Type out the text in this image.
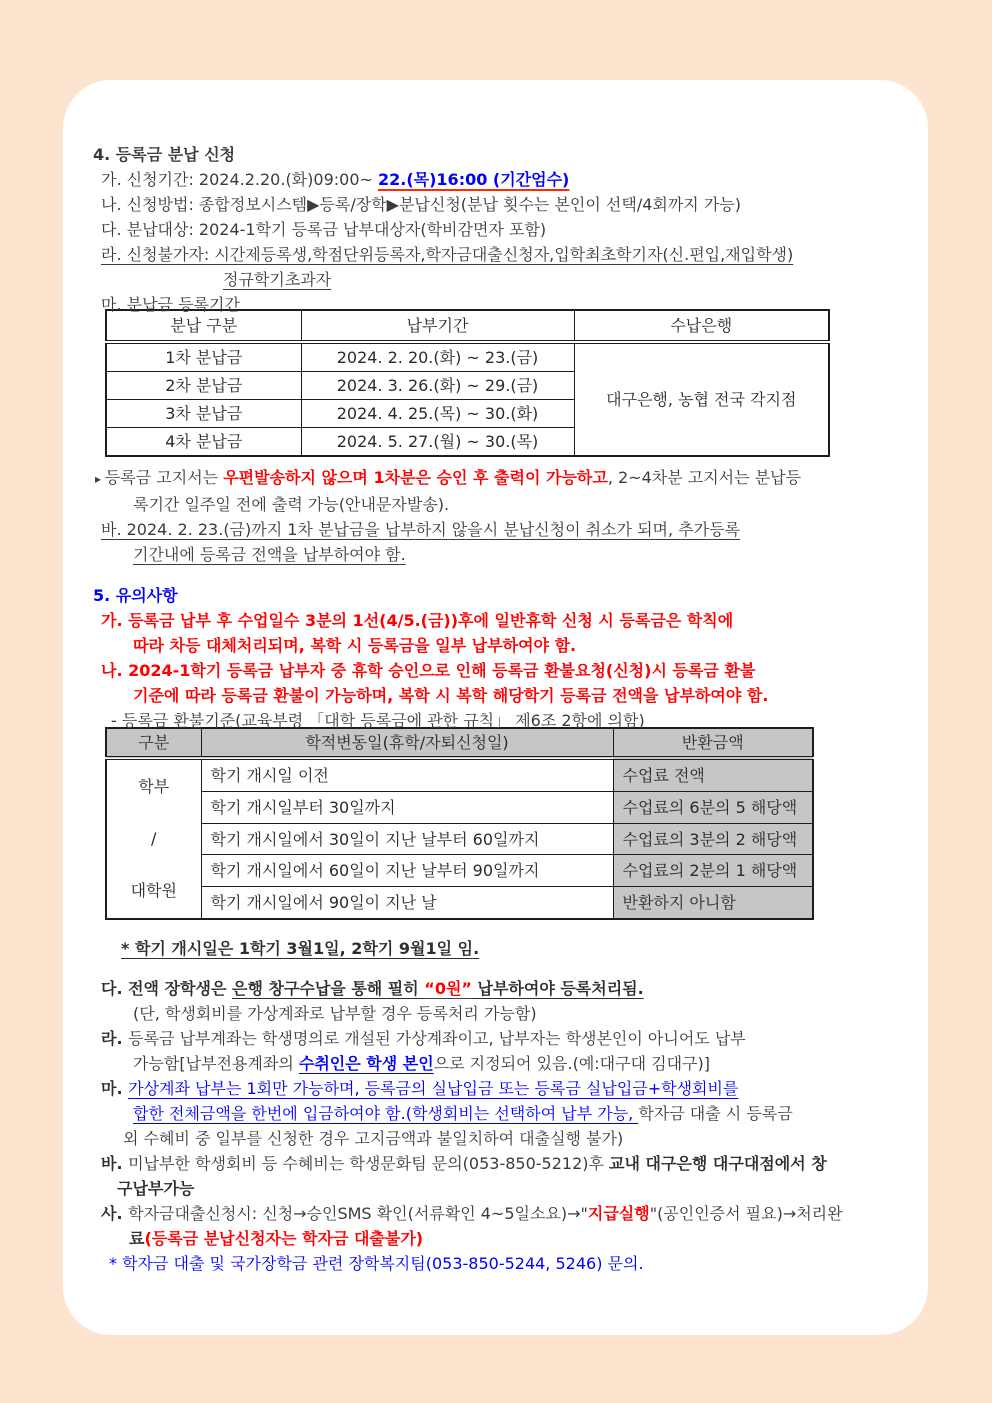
4. 등록금 분납 신청
가. 신청기간: 2024.2.20.(화)09:00~ 22.(목)16:00 (기간엄수)
나. 신청방법: 종합정보시스템▶등록/장학▶분납신청(분납 횟수는 본인이 선택/4회까지 가능)
다. 분납대상: 2024-1학기 등록금 납부대상자(학비감면자 포함)
라. 신청불가자: 시간제등록생,학점단위등록자,학자금대출신청자,입학최초학기자(신.편입,재입학생)
정규학기초과자
마. 분납금 등록기간
분납 구분	납부기간	수납은행
1차 분납금	2024. 2. 20.(화) ~ 23.(금)	대구은행, 농협 전국 각지점
2차 분납금	2024. 3. 26.(화) ~ 29.(금)	
3차 분납금	2024. 4. 25.(목) ~ 30.(화)	
4차 분납금	2024. 5. 27.(월) ~ 30.(목)	
▸ 등록금 고지서는 우편발송하지 않으며 1차분은 승인 후 출력이 가능하고, 2~4차분 고지서는 분납등
록기간 일주일 전에 출력 가능(안내문자발송).
바. 2024. 2. 23.(금)까지 1차 분납금을 납부하지 않을시 분납신청이 취소가 되며, 추가등록
기간내에 등록금 전액을 납부하여야 함.
5. 유의사항
가. 등록금 납부 후 수업일수 3분의 1선(4/5.(금))후에 일반휴학 신청 시 등록금은 학칙에
따라 차등 대체처리되며, 복학 시 등록금을 일부 납부하여야 함.
나. 2024-1학기 등록금 납부자 중 휴학 승인으로 인해 등록금 환불요청(신청)시 등록금 환불
기준에 따라 등록금 환불이 가능하며, 복학 시 복학 해당학기 등록금 전액을 납부하여야 함.
- 등록금 환불기준(교육부령 「대학 등록금에 관한 규칙」 제6조 2항에 의함)
구분	학적변동일(휴학/자퇴신청일)	반환금액

학부
/
대학원	학기 개시일 이전	수업료 전액
	학기 개시일부터 30일까지	수업료의 6분의 5 해당액
	학기 개시일에서 30일이 지난 날부터 60일까지	수업료의 3분의 2 해당액
	학기 개시일에서 60일이 지난 날부터 90일까지	수업료의 2분의 1 해당액
	학기 개시일에서 90일이 지난 날	반환하지 아니함
* 학기 개시일은 1학기 3월1일, 2학기 9월1일 임.
다. 전액 장학생은 은행 창구수납을 통해 필히 “0원” 납부하여야 등록처리됨.
(단, 학생회비를 가상계좌로 납부할 경우 등록처리 가능함)
라. 등록금 납부계좌는 학생명의로 개설된 가상계좌이고, 납부자는 학생본인이 아니어도 납부
가능함[납부전용계좌의 수취인은 학생 본인으로 지정되어 있음.(예:대구대 김대구)]
마. 가상계좌 납부는 1회만 가능하며, 등록금의 실납입금 또는 등록금 실납입금+학생회비를
합한 전체금액을 한번에 입금하여야 함.(학생회비는 선택하여 납부 가능, 학자금 대출 시 등록금
외 수혜비 중 일부를 신청한 경우 고지금액과 불일치하여 대출실행 불가)
바. 미납부한 학생회비 등 수혜비는 학생문화팀 문의(053-850-5212)후 교내 대구은행 대구대점에서 창
구납부가능
사. 학자금대출신청시: 신청→승인SMS 확인(서류확인 4~5일소요)→"지급실행"(공인인증서 필요)→처리완
료(등록금 분납신청자는 학자금 대출불가)
* 학자금 대출 및 국가장학금 관련 장학복지팀(053-850-5244, 5246) 문의.
